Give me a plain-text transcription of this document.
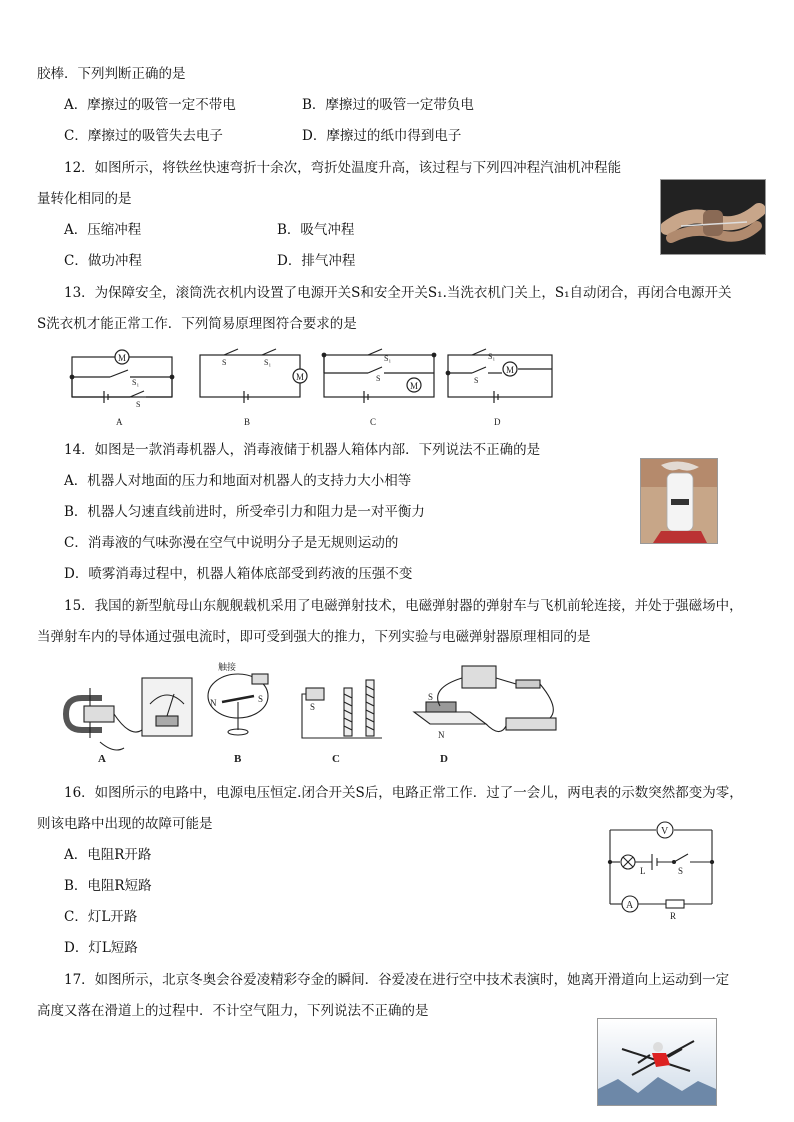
胶棒．下列判断正确的是
A．摩擦过的吸管一定不带电	B．摩擦过的吸管一定带负电
C．摩擦过的吸管失去电子	D．摩擦过的纸巾得到电子
12．如图所示，将铁丝快速弯折十余次，弯折处温度升高，该过程与下列四冲程汽油机冲程能
量转化相同的是
A．压缩冲程	B．吸气冲程
C．做功冲程	D．排气冲程
13．为保障安全，滚筒洗衣机内设置了电源开关S和安全开关S₁.当洗衣机门关上，S₁自动闭合，再闭合电源开关
S洗衣机才能正常工作．下列简易原理图符合要求的是
M
S₁
S
A
S	S₁
M
B
S₁
S
M
C
S₁
S
M
D
14．如图是一款消毒机器人，消毒液储于机器人箱体内部．下列说法不正确的是
A．机器人对地面的压力和地面对机器人的支持力大小相等
B．机器人匀速直线前进时，所受牵引力和阻力是一对平衡力
C．消毒液的气味弥漫在空气中说明分子是无规则运动的
D．喷雾消毒过程中，机器人箱体底部受到药液的压强不变
15．我国的新型航母山东舰舰载机采用了电磁弹射技术，电磁弹射器的弹射车与飞机前轮连接，并处于强磁场中，
当弹射车内的导体通过强电流时，即可受到强大的推力，下列实验与电磁弹射器原理相同的是
A
触接
N	S
B
S
C
S
N
D
16．如图所示的电路中，电源电压恒定.闭合开关S后，电路正常工作．过了一会儿，两电表的示数突然都变为零，
则该电路中出现的故障可能是
A．电阻R开路
B．电阻R短路
C．灯L开路
D．灯L短路
V
L	S
A
R
17．如图所示，北京冬奥会谷爱凌精彩夺金的瞬间．谷爱凌在进行空中技术表演时，她离开滑道向上运动到一定
高度又落在滑道上的过程中．不计空气阻力，下列说法不正确的是
